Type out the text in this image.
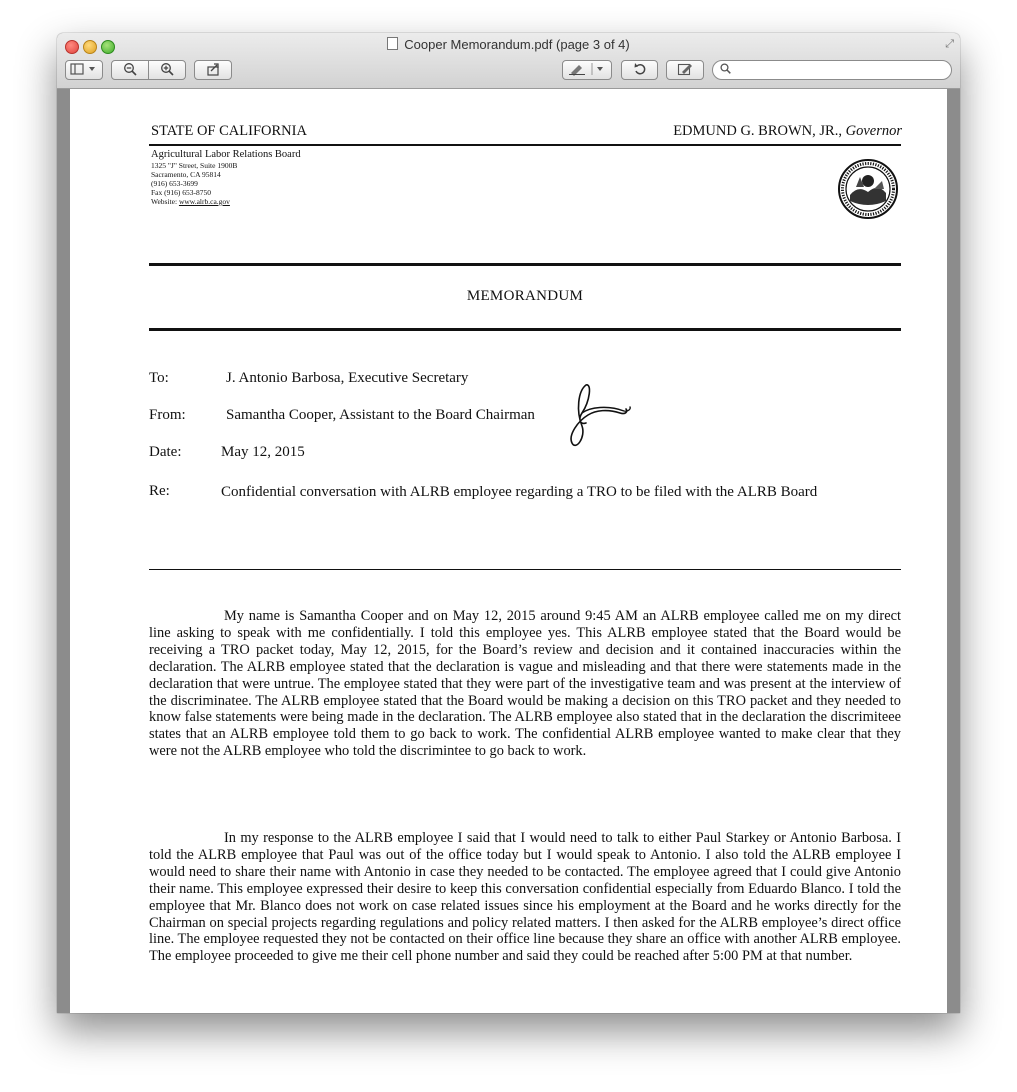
Cooper Memorandum.pdf (page 3 of 4)	⤢
STATE OF CALIFORNIA	EDMUND G. BROWN, JR., Governor
Agricultural Labor Relations Board
1325 "J" Street, Suite 1900B
Sacramento, CA 95814
(916) 653-3699
Fax (916) 653-8750
Website: www.alrb.ca.gov
MEMORANDUM
To:	J. Antonio Barbosa, Executive Secretary
From:	Samantha Cooper, Assistant to the Board Chairman
Date:	May 12, 2015
Re:	Confidential conversation with ALRB employee regarding a TRO to be filed with the ALRB Board

My name is Samantha Cooper and on May 12, 2015 around 9:45 AM an ALRB employee called me on my direct line asking to speak with me confidentially. I told this employee yes. This ALRB employee stated that the Board would be receiving a TRO packet today, May 12, 2015, for the Board’s review and decision and it contained inaccuracies within the declaration. The ALRB employee stated that the declaration is vague and misleading and that there were statements made in the declaration that were untrue. The employee stated that they were part of the investigative team and was present at the interview of the discriminatee. The ALRB employee stated that the Board would be making a decision on this TRO packet and they needed to know false statements were being made in the declaration. The ALRB employee also stated that in the declaration the discrimiteee states that an ALRB employee told them to go back to work. The confidential ALRB employee wanted to make clear that they were not the ALRB employee who told the discrimintee to go back to work.

In my response to the ALRB employee I said that I would need to talk to either Paul Starkey or Antonio Barbosa. I told the ALRB employee that Paul was out of the office today but I would speak to Antonio. I also told the ALRB employee I would need to share their name with Antonio in case they needed to be contacted. The employee agreed that I could give Antonio their name. This employee expressed their desire to keep this conversation confidential especially from Eduardo Blanco. I told the employee that Mr. Blanco does not work on case related issues since his employment at the Board and he works directly for the Chairman on special projects regarding regulations and policy related matters. I then asked for the ALRB employee’s direct office line. The employee requested they not be contacted on their office line because they share an office with another ALRB employee. The employee proceeded to give me their cell phone number and said they could be reached after 5:00 PM at that number.
